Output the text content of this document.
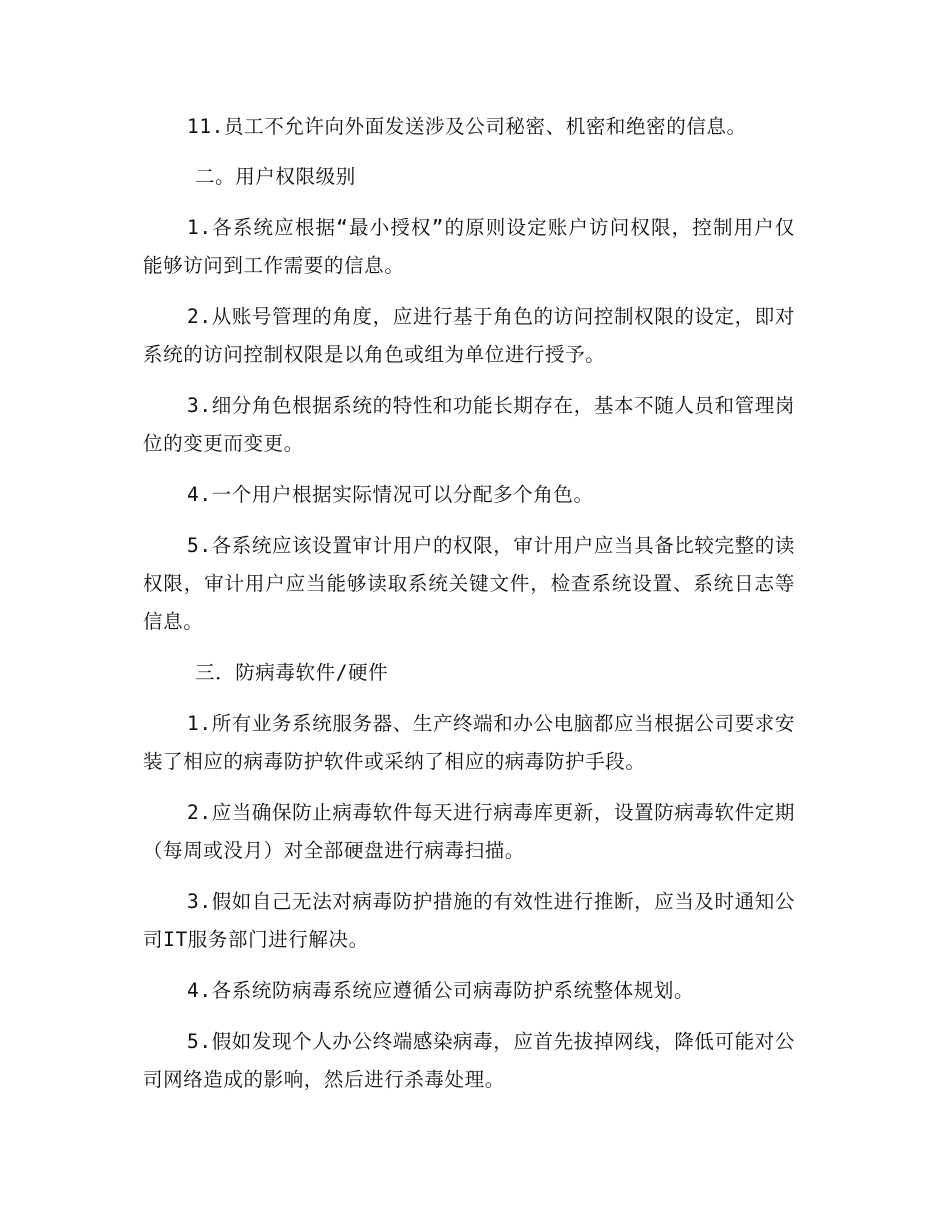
11.员工不允许向外面发送涉及公司秘密、机密和绝密的信息。

二。用户权限级别

1.各系统应根据“最小授权”的原则设定账户访问权限，控制用户仅能够访问到工作需要的信息。

2.从账号管理的角度，应进行基于角色的访问控制权限的设定，即对系统的访问控制权限是以角色或组为单位进行授予。

3.细分角色根据系统的特性和功能长期存在，基本不随人员和管理岗位的变更而变更。

4.一个用户根据实际情况可以分配多个角色。

5.各系统应该设置审计用户的权限，审计用户应当具备比较完整的读权限，审计用户应当能够读取系统关键文件，检查系统设置、系统日志等信息。

三．防病毒软件/硬件

1.所有业务系统服务器、生产终端和办公电脑都应当根据公司要求安装了相应的病毒防护软件或采纳了相应的病毒防护手段。

2.应当确保防止病毒软件每天进行病毒库更新，设置防病毒软件定期（每周或没月）对全部硬盘进行病毒扫描。

3.假如自己无法对病毒防护措施的有效性进行推断，应当及时通知公司IT服务部门进行解决。

4.各系统防病毒系统应遵循公司病毒防护系统整体规划。

5.假如发现个人办公终端感染病毒，应首先拔掉网线，降低可能对公司网络造成的影响，然后进行杀毒处理。
